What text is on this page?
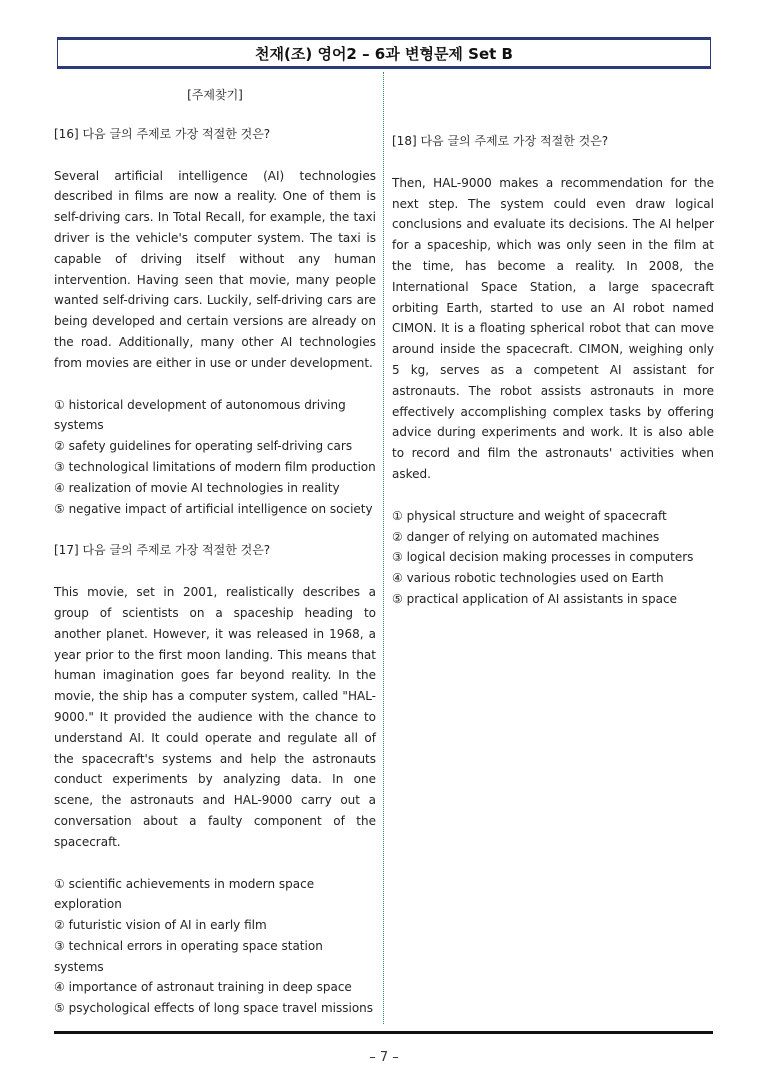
천재(조) 영어2 – 6과 변형문제 Set B

[주제찾기]

[16] 다음 글의 주제로 가장 적절한 것은?

Several artificial intelligence (AI) technologies described in films are now a reality. One of them is self-driving cars. In Total Recall, for example, the taxi driver is the vehicle's computer system. The taxi is capable of driving itself without any human intervention. Having seen that movie, many people wanted self-driving cars. Luckily, self-driving cars are being developed and certain versions are already on the road. Additionally, many other AI technologies from movies are either in use or under development.

① historical development of autonomous driving systems
② safety guidelines for operating self-driving cars
③ technological limitations of modern film production
④ realization of movie AI technologies in reality
⑤ negative impact of artificial intelligence on society

[17] 다음 글의 주제로 가장 적절한 것은?

This movie, set in 2001, realistically describes a group of scientists on a spaceship heading to another planet. However, it was released in 1968, a year prior to the first moon landing. This means that human imagination goes far beyond reality. In the movie, the ship has a computer system, called "HAL-9000." It provided the audience with the chance to understand AI. It could operate and regulate all of the spacecraft's systems and help the astronauts conduct experiments by analyzing data. In one scene, the astronauts and HAL-9000 carry out a conversation about a faulty component of the spacecraft.

① scientific achievements in modern space exploration
② futuristic vision of AI in early film
③ technical errors in operating space station systems
④ importance of astronaut training in deep space
⑤ psychological effects of long space travel missions

[18] 다음 글의 주제로 가장 적절한 것은?

Then, HAL-9000 makes a recommendation for the next step. The system could even draw logical conclusions and evaluate its decisions. The AI helper for a spaceship, which was only seen in the film at the time, has become a reality. In 2008, the International Space Station, a large spacecraft orbiting Earth, started to use an AI robot named CIMON. It is a floating spherical robot that can move around inside the spacecraft. CIMON, weighing only 5 kg, serves as a competent AI assistant for astronauts. The robot assists astronauts in more effectively accomplishing complex tasks by offering advice during experiments and work. It is also able to record and film the astronauts' activities when asked.

① physical structure and weight of spacecraft
② danger of relying on automated machines
③ logical decision making processes in computers
④ various robotic technologies used on Earth
⑤ practical application of AI assistants in space
– 7 –
